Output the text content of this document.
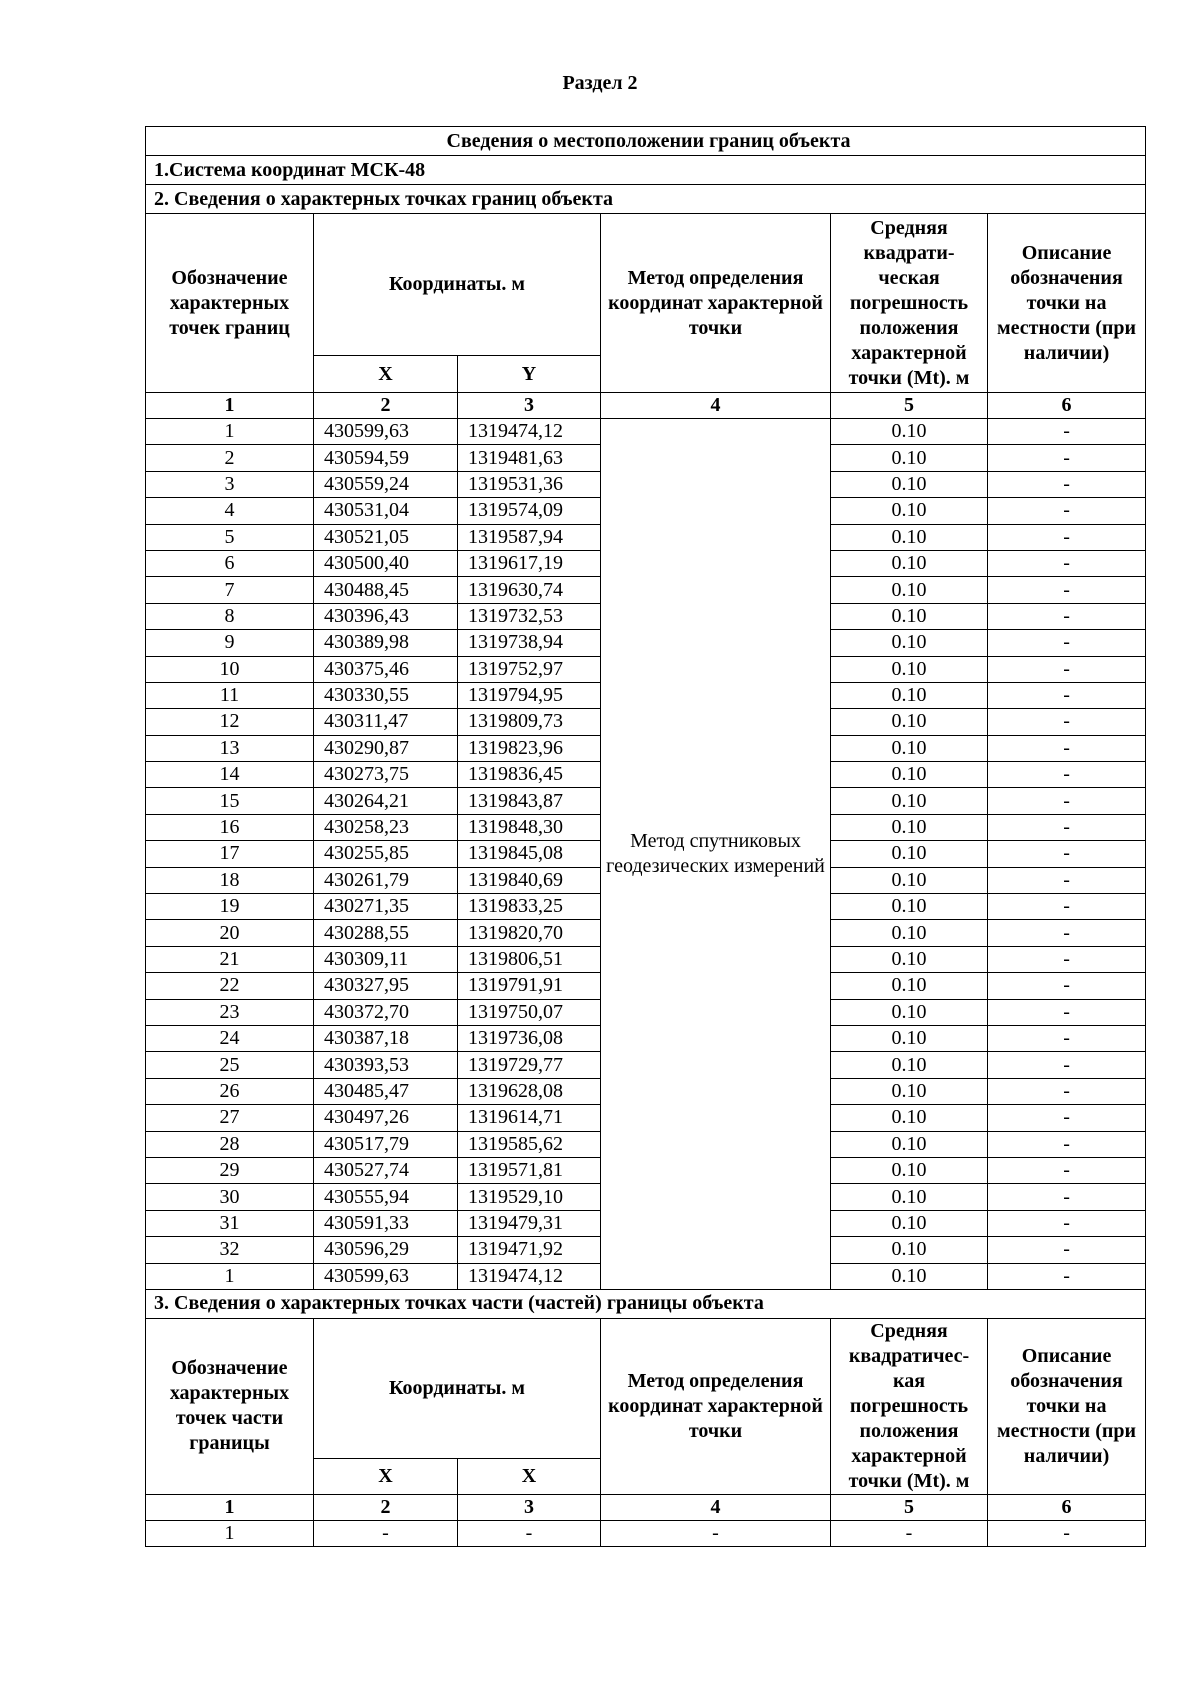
Раздел 2
Сведения о местоположении границ объекта					
1.Система координат МСК-48					
2. Сведения о характерных точках границ объекта					
Обозначение характерных точек границ	Координаты. м		Метод определения координат характерной точки	Средняя квадрати-ческая погрешность положения характерной точки (Mt). м	Описание обозначения точки на местности (при наличии)
	X	Y			
1	2	3	4	5	6
1	430599,63	1319474,12	Метод спутниковых геодезических измерений	0.10	-
2	430594,59	1319481,63		0.10	-
3	430559,24	1319531,36		0.10	-
4	430531,04	1319574,09		0.10	-
5	430521,05	1319587,94		0.10	-
6	430500,40	1319617,19		0.10	-
7	430488,45	1319630,74		0.10	-
8	430396,43	1319732,53		0.10	-
9	430389,98	1319738,94		0.10	-
10	430375,46	1319752,97		0.10	-
11	430330,55	1319794,95		0.10	-
12	430311,47	1319809,73		0.10	-
13	430290,87	1319823,96		0.10	-
14	430273,75	1319836,45		0.10	-
15	430264,21	1319843,87		0.10	-
16	430258,23	1319848,30		0.10	-
17	430255,85	1319845,08		0.10	-
18	430261,79	1319840,69		0.10	-
19	430271,35	1319833,25		0.10	-
20	430288,55	1319820,70		0.10	-
21	430309,11	1319806,51		0.10	-
22	430327,95	1319791,91		0.10	-
23	430372,70	1319750,07		0.10	-
24	430387,18	1319736,08		0.10	-
25	430393,53	1319729,77		0.10	-
26	430485,47	1319628,08		0.10	-
27	430497,26	1319614,71		0.10	-
28	430517,79	1319585,62		0.10	-
29	430527,74	1319571,81		0.10	-
30	430555,94	1319529,10		0.10	-
31	430591,33	1319479,31		0.10	-
32	430596,29	1319471,92		0.10	-
1	430599,63	1319474,12		0.10	-
3. Сведения о характерных точках части (частей) границы объекта					
Обозначение характерных точек части границы	Координаты. м		Метод определения координат характерной точки	Средняя квадратичес-кая погрешность положения характерной точки (Mt). м	Описание обозначения точки на местности (при наличии)
	X	X			
1	2	3	4	5	6
1	-	-	-	-	-
